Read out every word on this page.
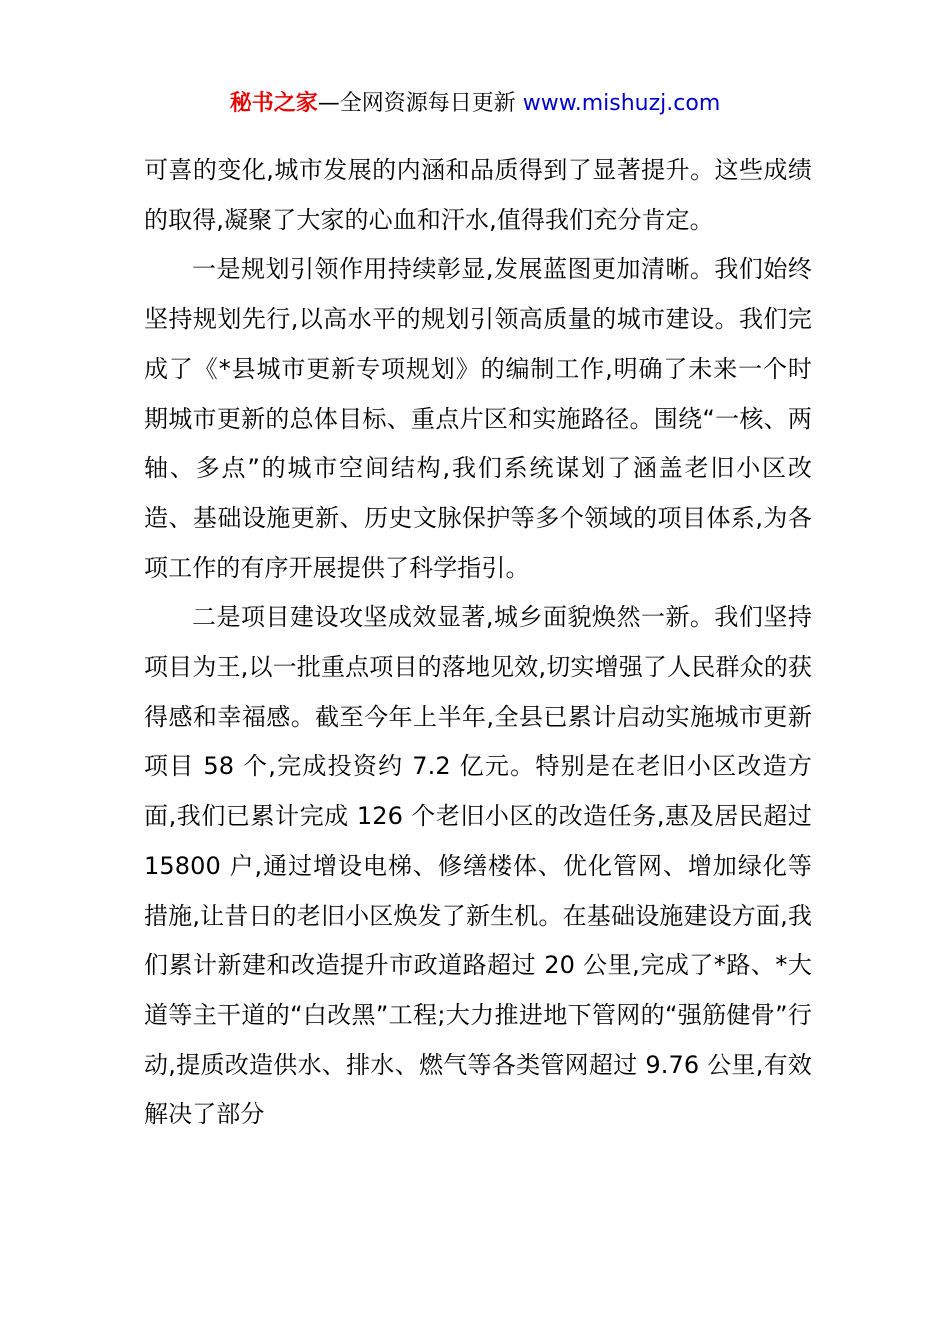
秘书之家—全网资源每日更新 www.mishuzj.com

可喜的变化,城市发展的内涵和品质得到了显著提升。这些成绩的取得,凝聚了大家的心血和汗水,值得我们充分肯定。

一是规划引领作用持续彰显,发展蓝图更加清晰。我们始终坚持规划先行,以高水平的规划引领高质量的城市建设。我们完成了《*县城市更新专项规划》的编制工作,明确了未来一个时期城市更新的总体目标、重点片区和实施路径。围绕“一核、两轴、多点”的城市空间结构,我们系统谋划了涵盖老旧小区改造、基础设施更新、历史文脉保护等多个领域的项目体系,为各项工作的有序开展提供了科学指引。

二是项目建设攻坚成效显著,城乡面貌焕然一新。我们坚持项目为王,以一批重点项目的落地见效,切实增强了人民群众的获得感和幸福感。截至今年上半年,全县已累计启动实施城市更新项目 58 个,完成投资约 7.2 亿元。特别是在老旧小区改造方面,我们已累计完成 126 个老旧小区的改造任务,惠及居民超过 15800 户,通过增设电梯、修缮楼体、优化管网、增加绿化等措施,让昔日的老旧小区焕发了新生机。在基础设施建设方面,我们累计新建和改造提升市政道路超过 20 公里,完成了*路、*大道等主干道的“白改黑”工程;大力推进地下管网的“强筋健骨”行动,提质改造供水、排水、燃气等各类管网超过 9.76 公里,有效解决了部分
